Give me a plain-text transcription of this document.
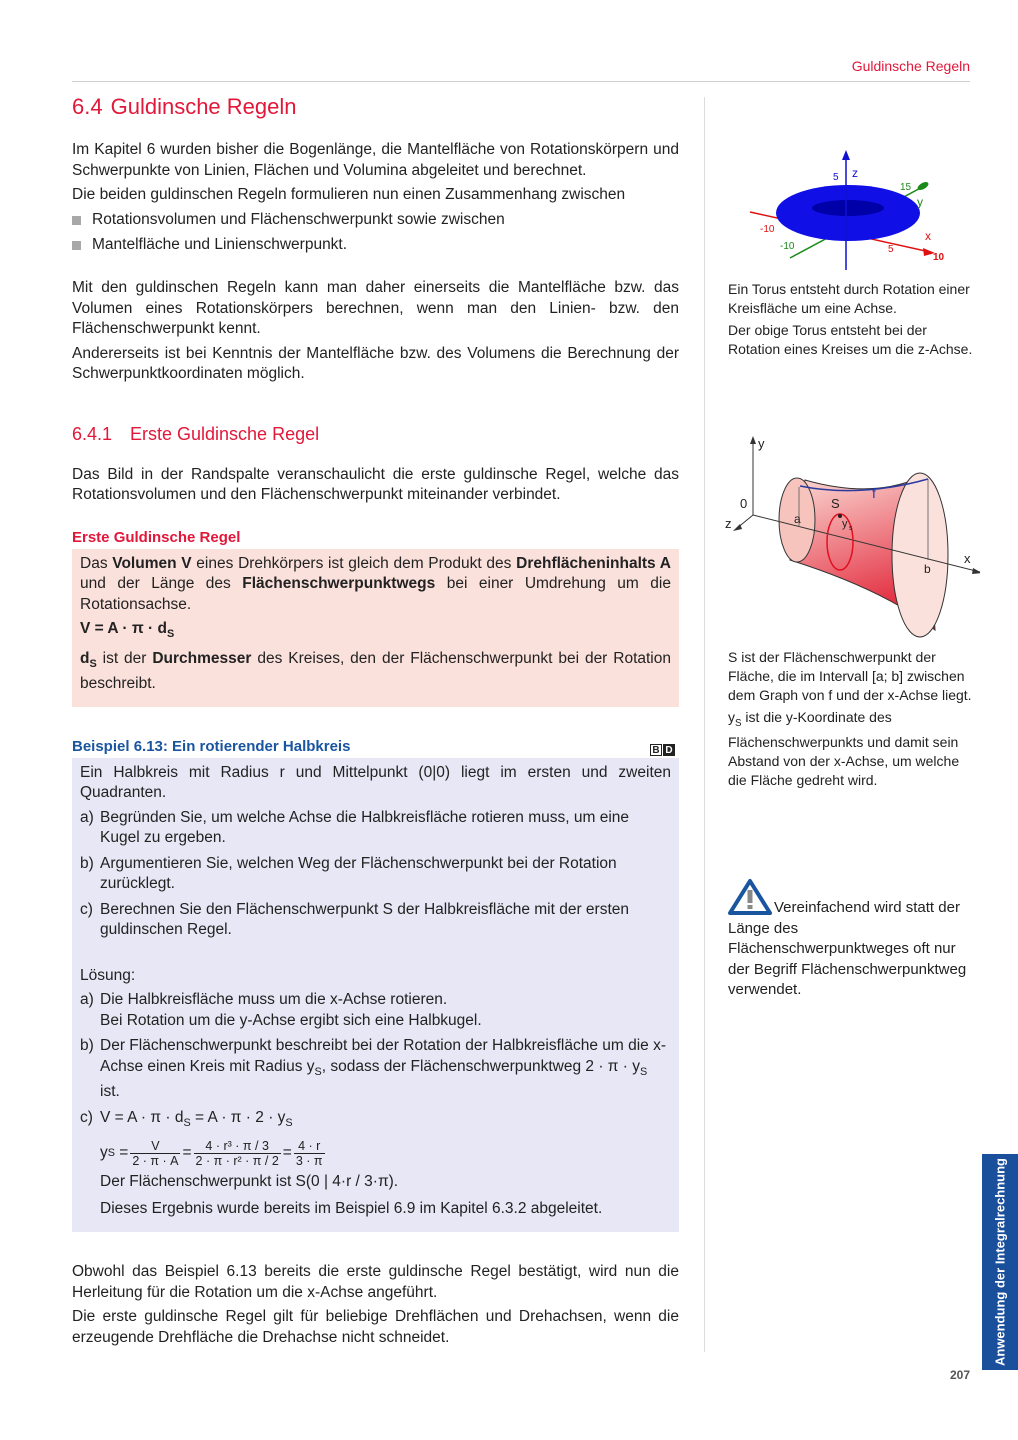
Guldinsche Regeln
6.4 Guldinsche Regeln

Im Kapitel 6 wurden bisher die Bogenlänge, die Mantelfläche von Rotationskörpern und Schwerpunkte von Linien, Flächen und Volumina abgeleitet und berechnet.

Die beiden guldinschen Regeln formulieren nun einen Zusammenhang zwischen

Rotationsvolumen und Flächenschwerpunkt sowie zwischen
Mantelfläche und Linienschwerpunkt.

Mit den guldinschen Regeln kann man daher einerseits die Mantelfläche bzw. das Volumen eines Rotationskörpers berechnen, wenn man den Linien- bzw. den Flächenschwerpunkt kennt.

Andererseits ist bei Kenntnis der Mantelfläche bzw. des Volumens die Berechnung der Schwerpunktkoordinaten möglich.

6.4.1 Erste Guldinsche Regel

Das Bild in der Randspalte veranschaulicht die erste guldinsche Regel, welche das Rotationsvolumen und den Flächenschwerpunkt miteinander verbindet.

Erste Guldinsche Regel

Das Volumen V eines Drehkörpers ist gleich dem Produkt des Drehflächeninhalts A und der Länge des Flächenschwerpunktwegs bei einer Umdrehung um die Rotationsachse.

$V = A \cdot \pi \cdot d_S$

$d_S$ ist der Durchmesser des Kreises, den der Flächenschwerpunkt bei der Rotation beschreibt.

B D
Beispiel 6.13: Ein rotierender Halbkreis

Ein Halbkreis mit Radius r und Mittelpunkt (0|0) liegt im ersten und zweiten Quadranten.

a) Begründen Sie, um welche Achse die Halbkreisfläche rotieren muss, um eine Kugel zu ergeben.
b) Argumentieren Sie, welchen Weg der Flächenschwerpunkt bei der Rotation zurücklegt.
c) Berechnen Sie den Flächenschwerpunkt S der Halbkreisfläche mit der ersten guldinschen Regel.

Lösung:

a) Die Halbkreisfläche muss um die x-Achse rotieren.
Bei Rotation um die y-Achse ergibt sich eine Halbkugel.
b) Der Flächenschwerpunkt beschreibt bei der Rotation der Halbkreisfläche um die x-Achse einen Kreis mit Radius $y_S$, sodass der Flächenschwerpunktweg $2 \cdot \pi \cdot y_S$ ist.
c) $V = A \cdot \pi \cdot d_S = A \cdot \pi \cdot 2 \cdot y_S$
y $S = \frac{V}{2 \cdot \pi \cdot A} = \frac{\text{4 · r³ · π / 3}}{\text{2 · π · r² · π / 2}} = \frac{4 \cdot r}{3 \cdot \pi}$
Der Flächenschwerpunkt ist S(0 | 4·r / 3·π).
Dieses Ergebnis wurde bereits im Beispiel 6.9 im Kapitel 6.3.2 abgeleitet.

Obwohl das Beispiel 6.13 bereits die erste guldinsche Regel bestätigt, wird nun die Herleitung für die Rotation um die x-Achse angeführt.

Die erste guldinsche Regel gilt für beliebige Drehflächen und Drehachsen, wenn die erzeugende Drehfläche die Drehachse nicht schneidet.

z
5
15
y
-10
-10	5
x
10

Ein Torus entsteht durch Rotation einer Kreisfläche um eine Achse.

Der obige Torus entsteht bei der Rotation eines Kreises um die z-Achse.

y
z
0
x
a
b
S
y s
f

S ist der Flächenschwerpunkt der Fläche, die im Intervall [a; b] zwischen dem Graph von f und der x-Achse liegt.

$y_S$ ist die y-Koordinate des Flächenschwerpunkts und damit sein Abstand von der x-Achse, um welche die Fläche gedreht wird.

Vereinfachend wird statt der Länge des Flächenschwerpunktweges oft nur der Begriff Flächenschwerpunktweg verwendet.
Anwendung der Integralrechnung
207
